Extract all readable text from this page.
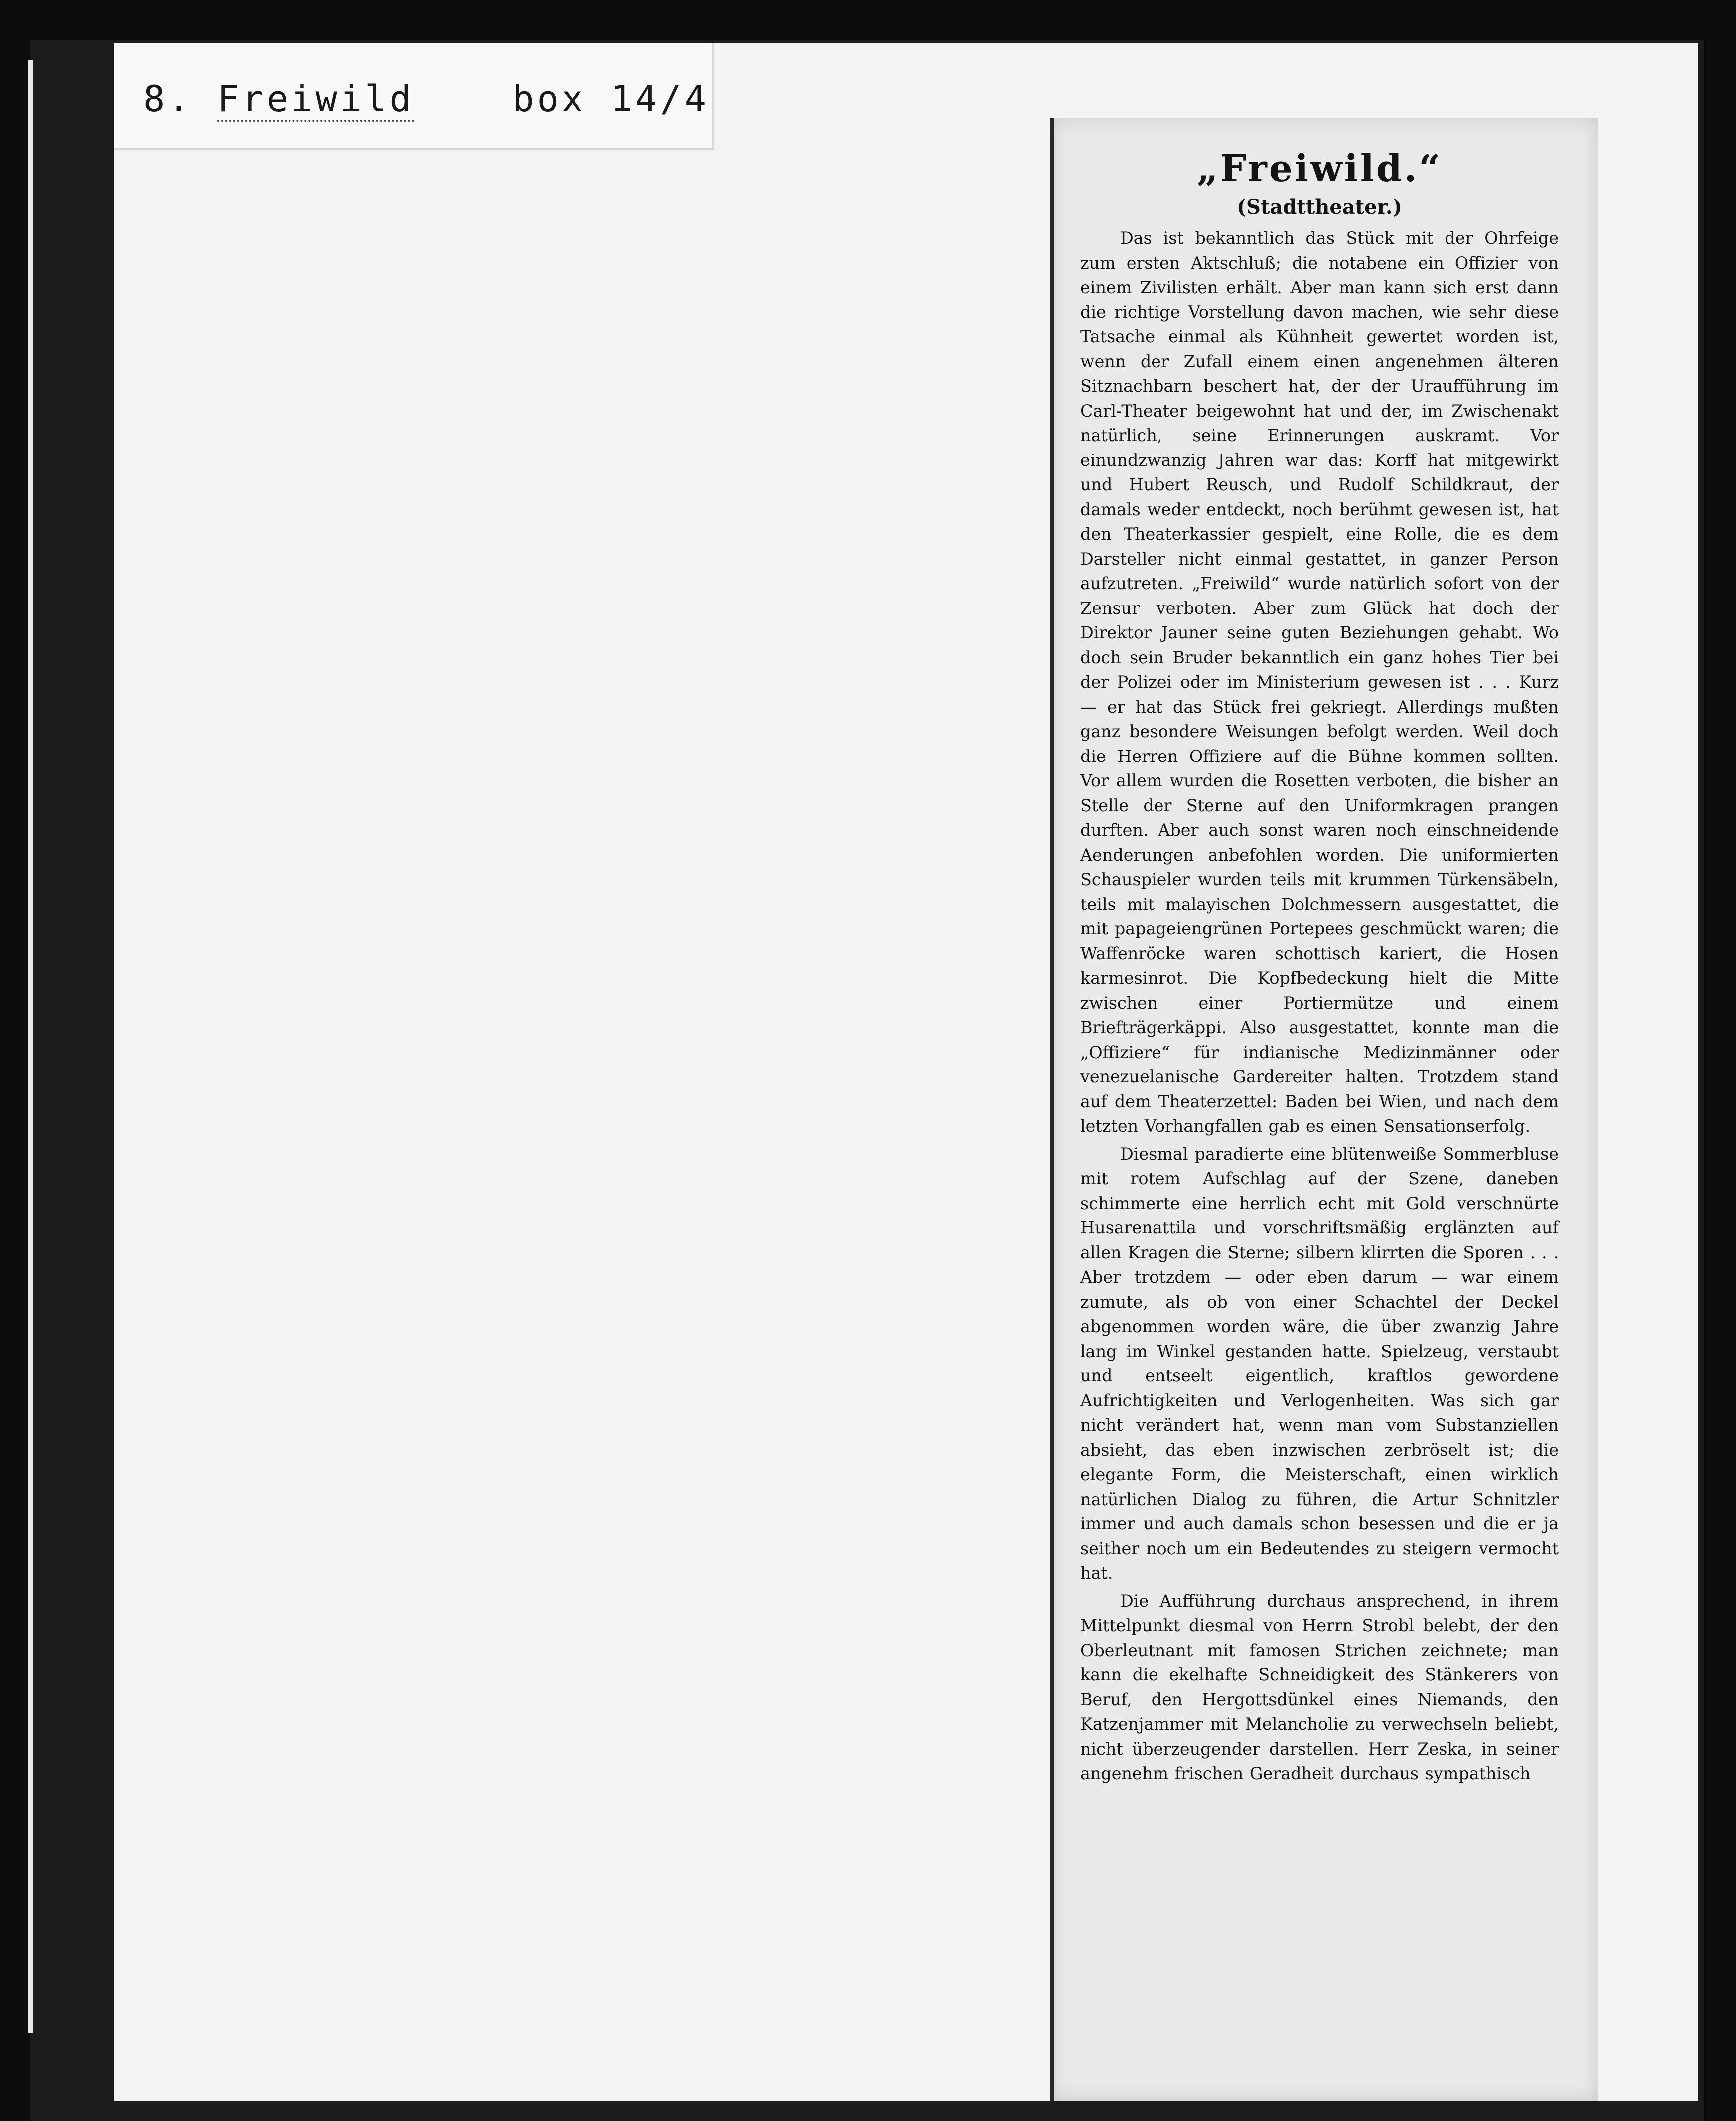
8. Freiwild	box 14/4
„Freiwild.“
(Stadttheater.)

Das ist bekanntlich das Stück mit der Ohrfeige zum ersten Aktschluß; die notabene ein Offizier von einem Zivilisten erhält. Aber man kann sich erst dann die richtige Vorstellung davon machen, wie sehr diese Tatsache einmal als Kühnheit gewertet worden ist, wenn der Zufall einem einen angenehmen älteren Sitznachbarn beschert hat, der der Uraufführung im Carl-Theater beigewohnt hat und der, im Zwischenakt natürlich, seine Erinnerungen auskramt. Vor einundzwanzig Jahren war das: Korff hat mitgewirkt und Hubert Reusch, und Rudolf Schildkraut, der damals weder entdeckt, noch berühmt gewesen ist, hat den Theaterkassier gespielt, eine Rolle, die es dem Darsteller nicht einmal gestattet, in ganzer Person aufzutreten. „Freiwild“ wurde natürlich sofort von der Zensur verboten. Aber zum Glück hat doch der Direktor Jauner seine guten Beziehungen gehabt. Wo doch sein Bruder bekanntlich ein ganz hohes Tier bei der Polizei oder im Ministerium gewesen ist . . . Kurz — er hat das Stück frei gekriegt. Allerdings mußten ganz besondere Weisungen befolgt werden. Weil doch die Herren Offiziere auf die Bühne kommen sollten. Vor allem wurden die Rosetten verboten, die bisher an Stelle der Sterne auf den Uniformkragen prangen durften. Aber auch sonst waren noch einschneidende Aenderungen anbefohlen worden. Die uniformierten Schauspieler wurden teils mit krummen Türkensäbeln, teils mit malayischen Dolchmessern ausgestattet, die mit papageiengrünen Portepees geschmückt waren; die Waffenröcke waren schottisch kariert, die Hosen karmesinrot. Die Kopfbedeckung hielt die Mitte zwischen einer Portiermütze und einem Briefträgerkäppi. Also ausgestattet, konnte man die „Offiziere“ für indianische Medizinmänner oder venezuelanische Gardereiter halten. Trotzdem stand auf dem Theaterzettel: Baden bei Wien, und nach dem letzten Vorhangfallen gab es einen Sensationserfolg.

Diesmal paradierte eine blütenweiße Sommerbluse mit rotem Aufschlag auf der Szene, daneben schimmerte eine herrlich echt mit Gold verschnürte Husarenattila und vorschriftsmäßig erglänzten auf allen Kragen die Sterne; silbern klirrten die Sporen . . . Aber trotzdem — oder eben darum — war einem zumute, als ob von einer Schachtel der Deckel abgenommen worden wäre, die über zwanzig Jahre lang im Winkel gestanden hatte. Spielzeug, verstaubt und entseelt eigentlich, kraftlos gewordene Aufrichtigkeiten und Verlogenheiten. Was sich gar nicht verändert hat, wenn man vom Substanziellen absieht, das eben inzwischen zerbröselt ist; die elegante Form, die Meisterschaft, einen wirklich natürlichen Dialog zu führen, die Artur Schnitzler immer und auch damals schon besessen und die er ja seither noch um ein Bedeutendes zu steigern vermocht hat.

Die Aufführung durchaus ansprechend, in ihrem Mittelpunkt diesmal von Herrn Strobl belebt, der den Oberleutnant mit famosen Strichen zeichnete; man kann die ekelhafte Schneidigkeit des Stänkerers von Beruf, den Hergottsdünkel eines Niemands, den Katzenjammer mit Melancholie zu verwechseln beliebt, nicht überzeugender darstellen. Herr Zeska, in seiner angenehm frischen Geradheit durchaus sympathisch
